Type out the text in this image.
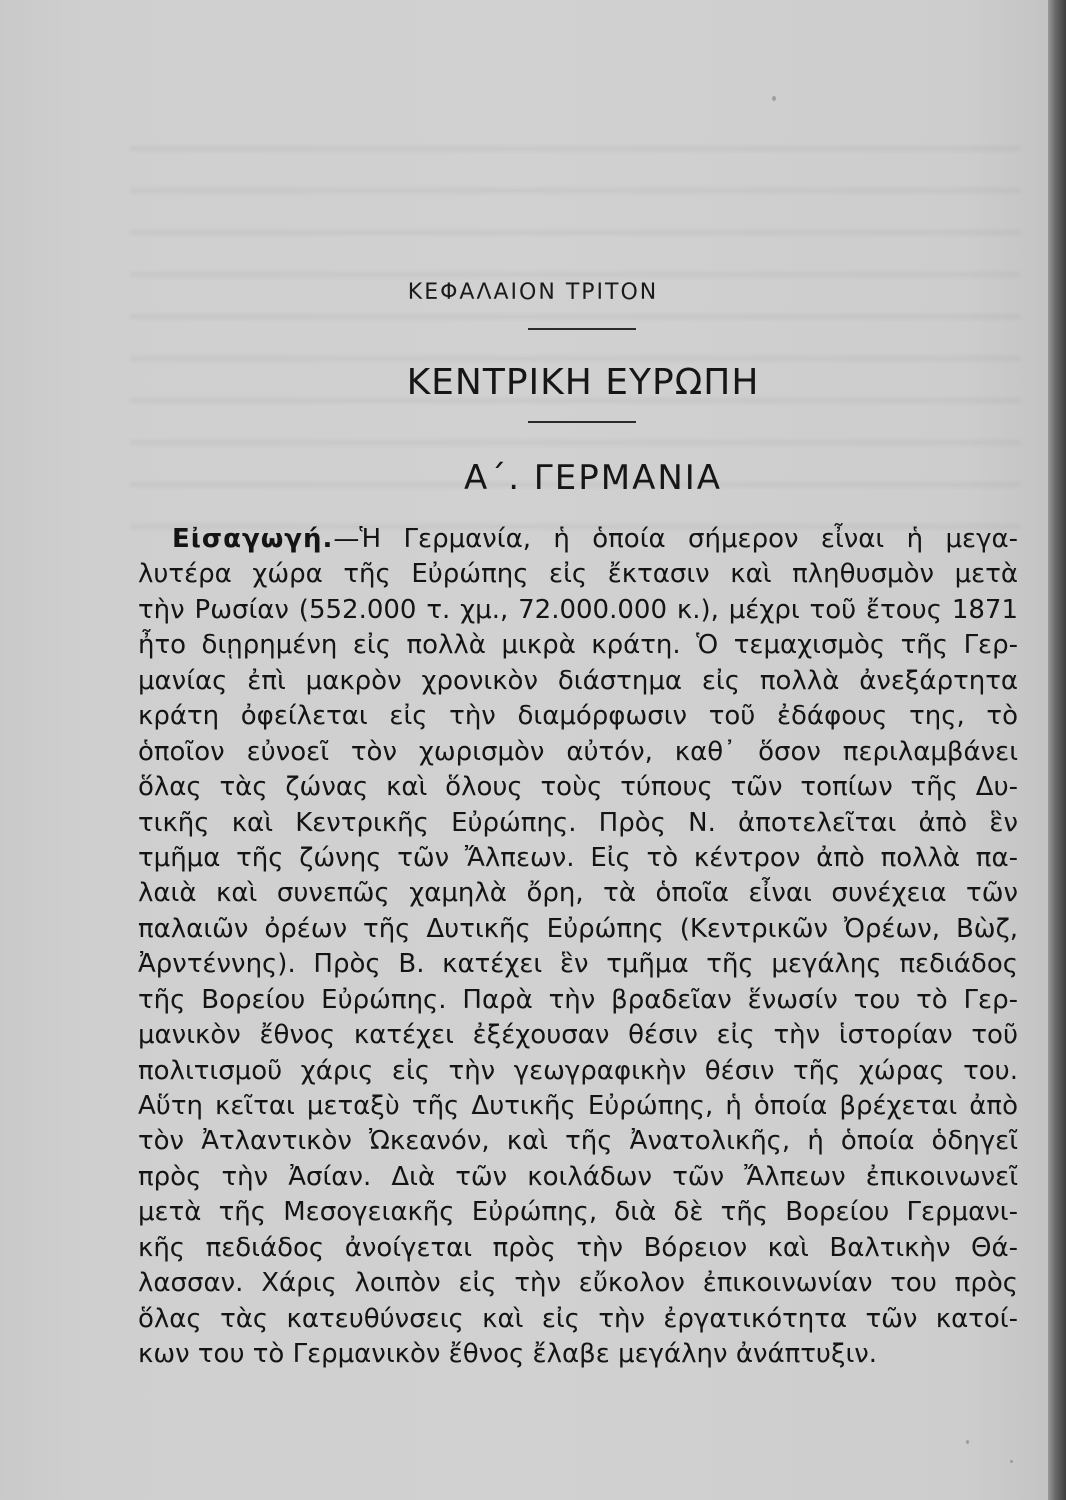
ΚΕΦΑΛΑΙΟΝ ΤΡΙΤΟΝ
ΚΕΝΤΡΙΚΗ ΕΥΡΩΠΗ
Α΄. ΓΕΡΜΑΝΙΑ
Εἰσαγωγή.—Ἡ Γερμανία, ἡ ὁποία σήμερον εἶναι ἡ μεγα-
λυτέρα χώρα τῆς Εὐρώπης εἰς ἔκτασιν καὶ πληθυσμὸν μετὰ
τὴν Ρωσίαν (552.000 τ. χμ., 72.000.000 κ.), μέχρι τοῦ ἔτους 1871
ἦτο διῃρημένη εἰς πολλὰ μικρὰ κράτη. Ὁ τεμαχισμὸς τῆς Γερ-
μανίας ἐπὶ μακρὸν χρονικὸν διάστημα εἰς πολλὰ ἀνεξάρτητα
κράτη ὀφείλεται εἰς τὴν διαμόρφωσιν τοῦ ἐδάφους της, τὸ
ὁποῖον εὐνοεῖ τὸν χωρισμὸν αὐτόν, καθ᾽ ὅσον περιλαμβάνει
ὅλας τὰς ζώνας καὶ ὅλους τοὺς τύπους τῶν τοπίων τῆς Δυ-
τικῆς καὶ Κεντρικῆς Εὐρώπης. Πρὸς Ν. ἀποτελεῖται ἀπὸ ἓν
τμῆμα τῆς ζώνης τῶν Ἄλπεων. Εἰς τὸ κέντρον ἀπὸ πολλὰ πα-
λαιὰ καὶ συνεπῶς χαμηλὰ ὄρη, τὰ ὁποῖα εἶναι συνέχεια τῶν
παλαιῶν ὀρέων τῆς Δυτικῆς Εὐρώπης (Κεντρικῶν Ὀρέων, Βὼζ,
Ἀρντέννης). Πρὸς Β. κατέχει ἓν τμῆμα τῆς μεγάλης πεδιάδος
τῆς Βορείου Εὐρώπης. Παρὰ τὴν βραδεῖαν ἕνωσίν του τὸ Γερ-
μανικὸν ἔθνος κατέχει ἐξέχουσαν θέσιν εἰς τὴν ἱστορίαν τοῦ
πολιτισμοῦ χάρις εἰς τὴν γεωγραφικὴν θέσιν τῆς χώρας του.
Αὕτη κεῖται μεταξὺ τῆς Δυτικῆς Εὐρώπης, ἡ ὁποία βρέχεται ἀπὸ
τὸν Ἀτλαντικὸν Ὠκεανόν, καὶ τῆς Ἀνατολικῆς, ἡ ὁποία ὁδηγεῖ
πρὸς τὴν Ἀσίαν. Διὰ τῶν κοιλάδων τῶν Ἄλπεων ἐπικοινωνεῖ
μετὰ τῆς Μεσογειακῆς Εὐρώπης, διὰ δὲ τῆς Βορείου Γερμανι-
κῆς πεδιάδος ἀνοίγεται πρὸς τὴν Βόρειον καὶ Βαλτικὴν Θά-
λασσαν. Χάρις λοιπὸν εἰς τὴν εὔκολον ἐπικοινωνίαν του πρὸς
ὅλας τὰς κατευθύνσεις καὶ εἰς τὴν ἐργατικότητα τῶν κατοί-
κων του τὸ Γερμανικὸν ἔθνος ἔλαβε μεγάλην ἀνάπτυξιν.
